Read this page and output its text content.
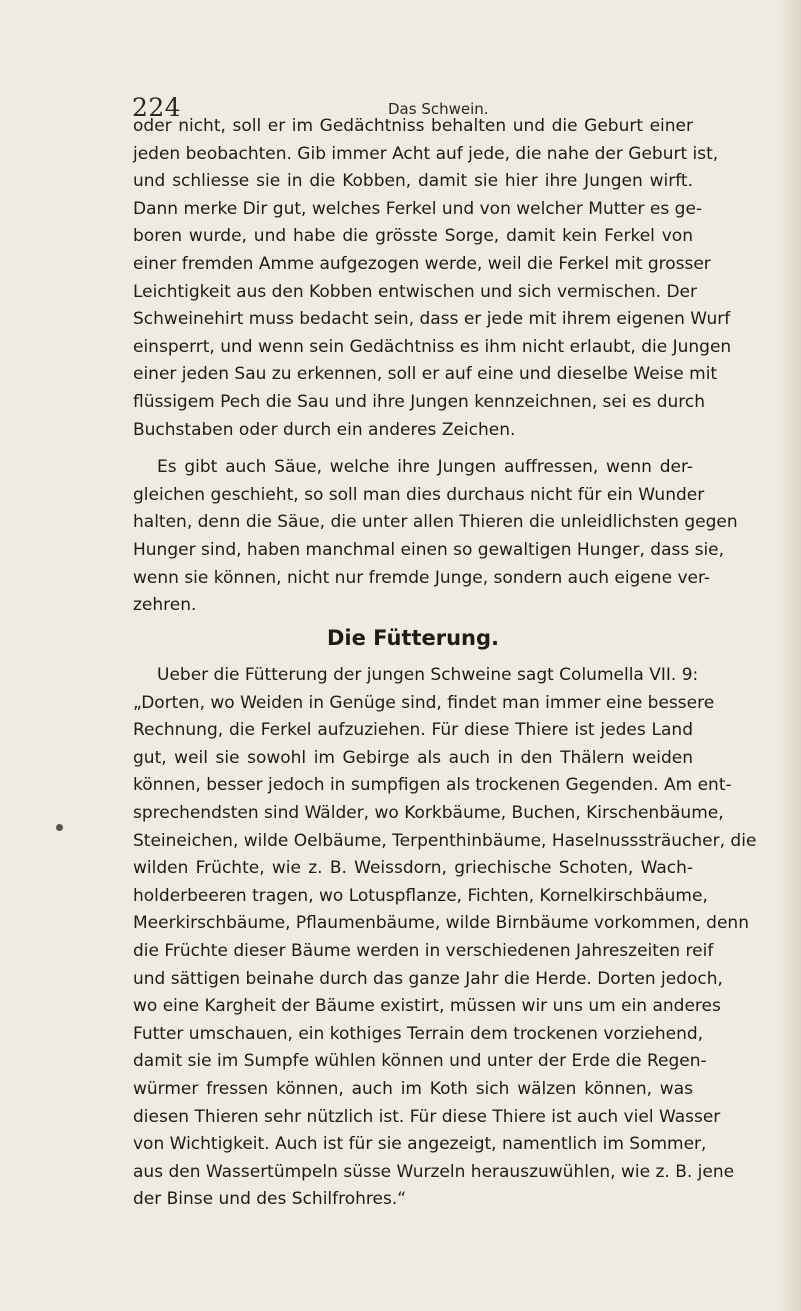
224	Das Schwein.
oder nicht, soll er im Gedächtniss behalten und die Geburt einer
jeden beobachten. Gib immer Acht auf jede, die nahe der Geburt ist,
und schliesse sie in die Kobben, damit sie hier ihre Jungen wirft.
Dann merke Dir gut, welches Ferkel und von welcher Mutter es ge-
boren wurde, und habe die grösste Sorge, damit kein Ferkel von
einer fremden Amme aufgezogen werde, weil die Ferkel mit grosser
Leichtigkeit aus den Kobben entwischen und sich vermischen. Der
Schweinehirt muss bedacht sein, dass er jede mit ihrem eigenen Wurf
einsperrt, und wenn sein Gedächtniss es ihm nicht erlaubt, die Jungen
einer jeden Sau zu erkennen, soll er auf eine und dieselbe Weise mit
flüssigem Pech die Sau und ihre Jungen kennzeichnen, sei es durch
Buchstaben oder durch ein anderes Zeichen.
Es gibt auch Säue, welche ihre Jungen auffressen, wenn der-
gleichen geschieht, so soll man dies durchaus nicht für ein Wunder
halten, denn die Säue, die unter allen Thieren die unleidlichsten gegen
Hunger sind, haben manchmal einen so gewaltigen Hunger, dass sie,
wenn sie können, nicht nur fremde Junge, sondern auch eigene ver-
zehren.
Die Fütterung.
Ueber die Fütterung der jungen Schweine sagt Columella VII. 9:
„Dorten, wo Weiden in Genüge sind, findet man immer eine bessere
Rechnung, die Ferkel aufzuziehen. Für diese Thiere ist jedes Land
gut, weil sie sowohl im Gebirge als auch in den Thälern weiden
können, besser jedoch in sumpfigen als trockenen Gegenden. Am ent-
sprechendsten sind Wälder, wo Korkbäume, Buchen, Kirschenbäume,
Steineichen, wilde Oelbäume, Terpenthinbäume, Haselnusssträucher, die
wilden Früchte, wie z. B. Weissdorn, griechische Schoten, Wach-
holderbeeren tragen, wo Lotuspflanze, Fichten, Kornelkirschbäume,
Meerkirschbäume, Pflaumenbäume, wilde Birnbäume vorkommen, denn
die Früchte dieser Bäume werden in verschiedenen Jahreszeiten reif
und sättigen beinahe durch das ganze Jahr die Herde. Dorten jedoch,
wo eine Kargheit der Bäume existirt, müssen wir uns um ein anderes
Futter umschauen, ein kothiges Terrain dem trockenen vorziehend,
damit sie im Sumpfe wühlen können und unter der Erde die Regen-
würmer fressen können, auch im Koth sich wälzen können, was
diesen Thieren sehr nützlich ist. Für diese Thiere ist auch viel Wasser
von Wichtigkeit. Auch ist für sie angezeigt, namentlich im Sommer,
aus den Wassertümpeln süsse Wurzeln herauszuwühlen, wie z. B. jene
der Binse und des Schilfrohres.“
